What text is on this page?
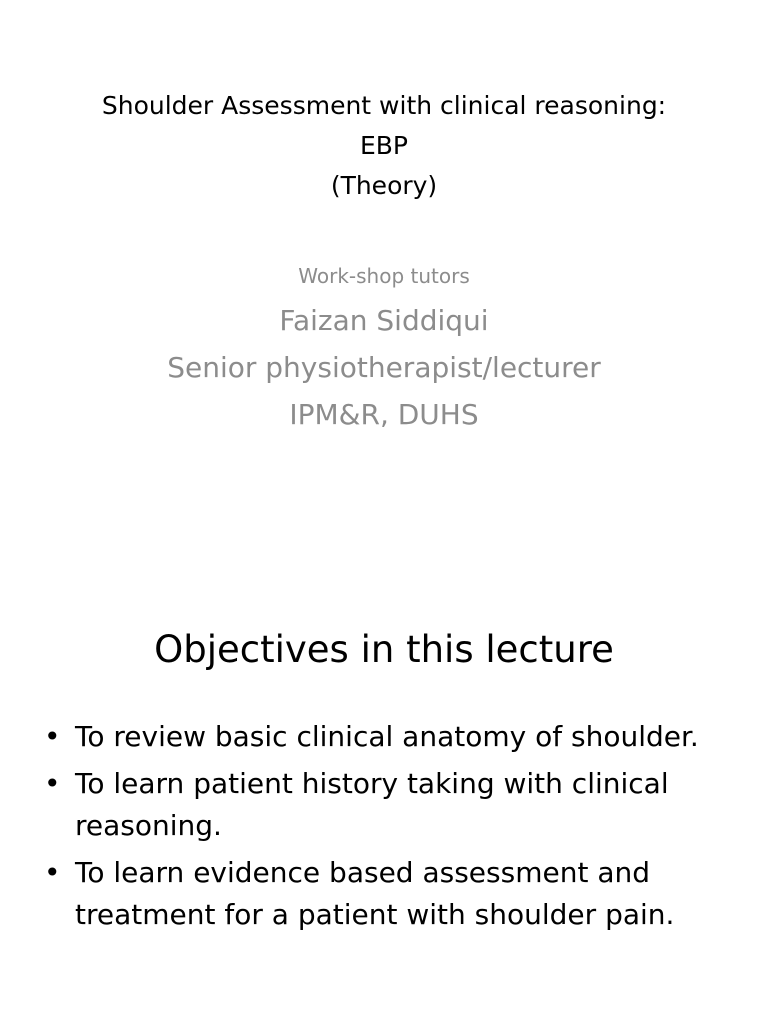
Shoulder Assessment with clinical reasoning:
EBP
(Theory)
Work-shop tutors
Faizan Siddiqui
Senior physiotherapist/lecturer
IPM&R, DUHS
Objectives in this lecture
• To review basic clinical anatomy of shoulder.
• To learn patient history taking with clinical reasoning.
• To learn evidence based assessment and treatment for a patient with shoulder pain.
